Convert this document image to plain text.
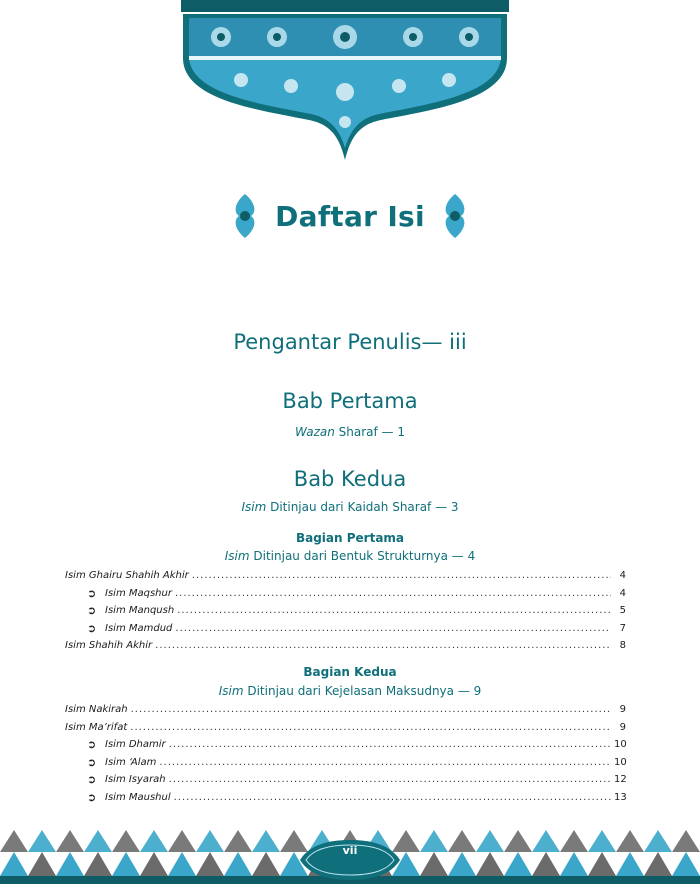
Daftar Isi
Pengantar Penulis— iii
Bab Pertama
Wazan Sharaf — 1
Bab Kedua
Isim Ditinjau dari Kaidah Sharaf — 3
Bagian Pertama
Isim Ditinjau dari Bentuk Strukturnya — 4
Isim Ghairu Shahih Akhir .....	4
➲ Isim Maqshur .....	4
➲ Isim Manqush .....	5
➲ Isim Mamdud .....	7
Isim Shahih Akhir .....	8
Bagian Kedua
Isim Ditinjau dari Kejelasan Maksudnya — 9
Isim Nakirah .....	9
Isim Ma’rifat .....	9
➲ Isim Dhamir .....	10
➲ Isim ‘Alam .....	10
➲ Isim Isyarah .....	12
➲ Isim Maushul .....	13
vii
